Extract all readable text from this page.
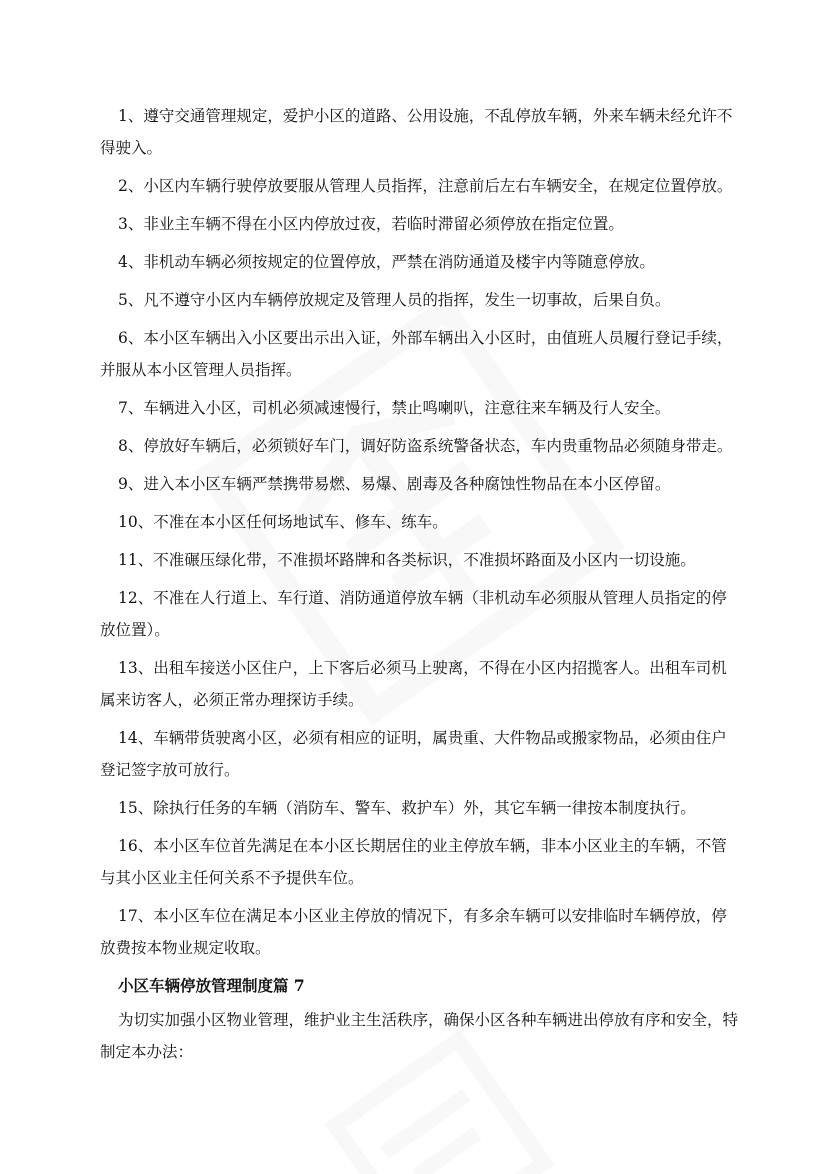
1、遵守交通管理规定，爱护小区的道路、公用设施，不乱停放车辆，外来车辆未经允许不得驶入。

2、小区内车辆行驶停放要服从管理人员指挥，注意前后左右车辆安全，在规定位置停放。

3、非业主车辆不得在小区内停放过夜，若临时滞留必须停放在指定位置。

4、非机动车辆必须按规定的位置停放，严禁在消防通道及楼宇内等随意停放。

5、凡不遵守小区内车辆停放规定及管理人员的指挥，发生一切事故，后果自负。

6、本小区车辆出入小区要出示出入证，外部车辆出入小区时，由值班人员履行登记手续，并服从本小区管理人员指挥。

7、车辆进入小区，司机必须减速慢行，禁止鸣喇叭，注意往来车辆及行人安全。

8、停放好车辆后，必须锁好车门，调好防盗系统警备状态，车内贵重物品必须随身带走。

9、进入本小区车辆严禁携带易燃、易爆、剧毒及各种腐蚀性物品在本小区停留。

10、不准在本小区任何场地试车、修车、练车。

11、不准碾压绿化带，不准损坏路牌和各类标识，不准损坏路面及小区内一切设施。

12、不准在人行道上、车行道、消防通道停放车辆（非机动车必须服从管理人员指定的停放位置）。

13、出租车接送小区住户，上下客后必须马上驶离，不得在小区内招揽客人。出租车司机属来访客人，必须正常办理探访手续。

14、车辆带货驶离小区，必须有相应的证明，属贵重、大件物品或搬家物品，必须由住户登记签字放可放行。

15、除执行任务的车辆（消防车、警车、救护车）外，其它车辆一律按本制度执行。

16、本小区车位首先满足在本小区长期居住的业主停放车辆，非本小区业主的车辆，不管与其小区业主任何关系不予提供车位。

17、本小区车位在满足本小区业主停放的情况下，有多余车辆可以安排临时车辆停放，停放费按本物业规定收取。

小区车辆停放管理制度篇 7

为切实加强小区物业管理，维护业主生活秩序，确保小区各种车辆进出停放有序和安全，特制定本办法：
